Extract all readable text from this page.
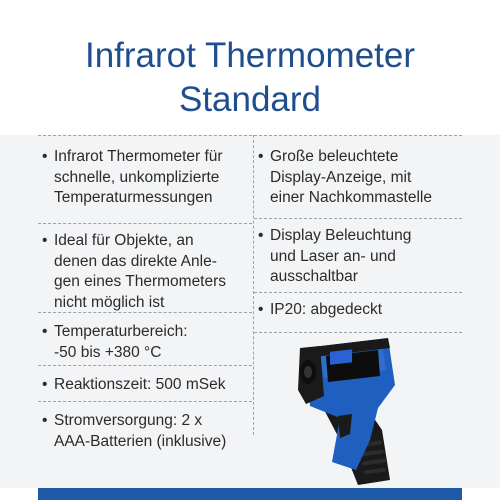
Infrarot Thermometer
Standard
• Infrarot Thermometer für
schnelle, unkomplizierte
Temperaturmessungen
• Ideal für Objekte, an
denen das direkte Anle-
gen eines Thermometers
nicht möglich ist
• Temperaturbereich:
-50 bis +380 °C
• Reaktionszeit: 500 mSek
• Stromversorgung: 2 x
AAA-Batterien (inklusive)
• Große beleuchtete
Display-Anzeige, mit
einer Nachkommastelle
• Display Beleuchtung
und Laser an- und
ausschaltbar
• IP20: abgedeckt
